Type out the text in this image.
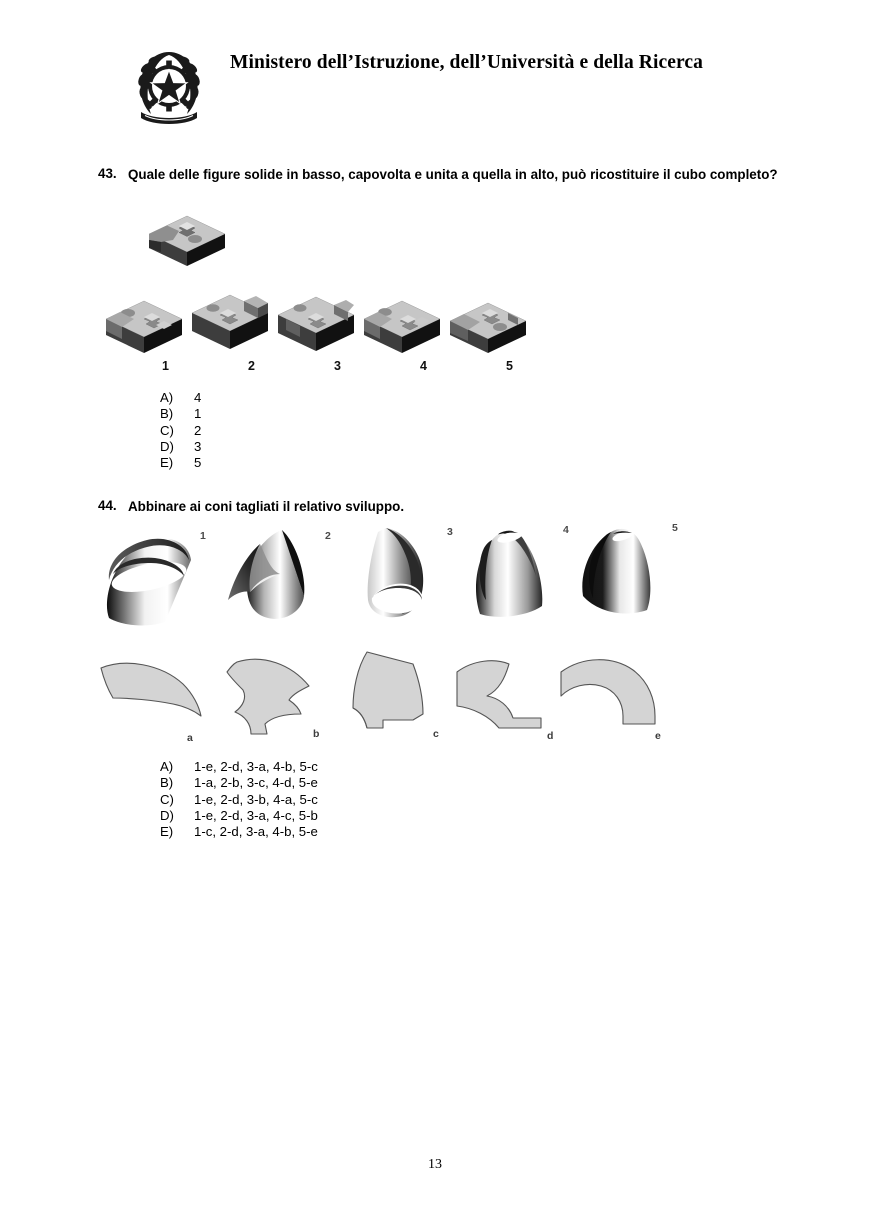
Ministero dell’Istruzione, dell’Università e della Ricerca
43. Quale delle figure solide in basso, capovolta e unita a quella in alto, può ricostituire il cubo completo?
1	2	3	4	5
A)	4
B)	1
C)	2
D)	3
E)	5
44. Abbinare ai coni tagliati il relativo sviluppo.
1	2	3	4	5
a	b	c	d	e
A)	1-e, 2-d, 3-a, 4-b, 5-c
B)	1-a, 2-b, 3-c, 4-d, 5-e
C)	1-e, 2-d, 3-b, 4-a, 5-c
D)	1-e, 2-d, 3-a, 4-c, 5-b
E)	1-c, 2-d, 3-a, 4-b, 5-e
13
